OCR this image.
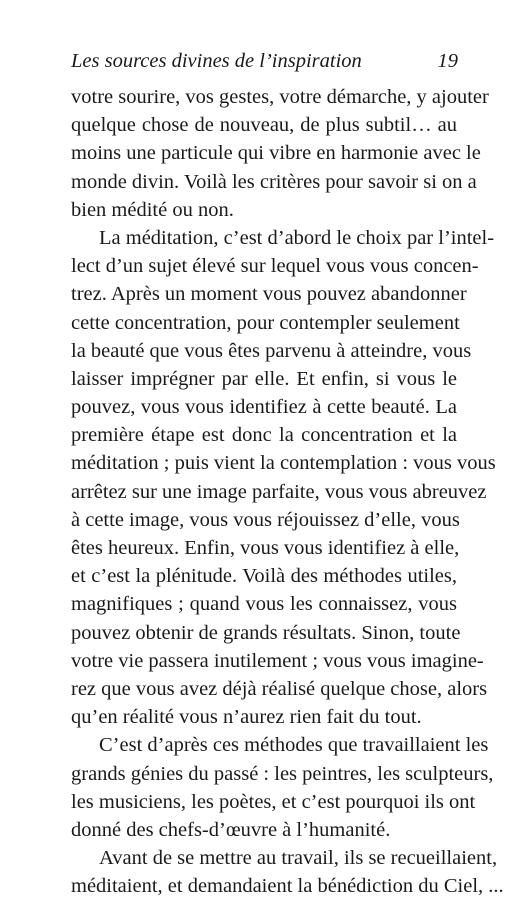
Les sources divines de l’inspiration	19
votre sourire, vos gestes, votre démarche, y ajouter
quelque chose de nouveau, de plus subtil… au
moins une particule qui vibre en harmonie avec le
monde divin. Voilà les critères pour savoir si on a
bien médité ou non.
La méditation, c’est d’abord le choix par l’intel-
lect d’un sujet élevé sur lequel vous vous concen-
trez. Après un moment vous pouvez abandonner
cette concentration, pour contempler seulement
la beauté que vous êtes parvenu à atteindre, vous
laisser imprégner par elle. Et enfin, si vous le
pouvez, vous vous identifiez à cette beauté. La
première étape est donc la concentration et la
méditation ; puis vient la contemplation : vous vous
arrêtez sur une image parfaite, vous vous abreuvez
à cette image, vous vous réjouissez d’elle, vous
êtes heureux. Enfin, vous vous identifiez à elle,
et c’est la plénitude. Voilà des méthodes utiles,
magnifiques ; quand vous les connaissez, vous
pouvez obtenir de grands résultats. Sinon, toute
votre vie passera inutilement ; vous vous imagine-
rez que vous avez déjà réalisé quelque chose, alors
qu’en réalité vous n’aurez rien fait du tout.
C’est d’après ces méthodes que travaillaient les
grands génies du passé : les peintres, les sculpteurs,
les musiciens, les poètes, et c’est pourquoi ils ont
donné des chefs-d’œuvre à l’humanité.
Avant de se mettre au travail, ils se recueillaient,
méditaient, et demandaient la bénédiction du Ciel, ...
